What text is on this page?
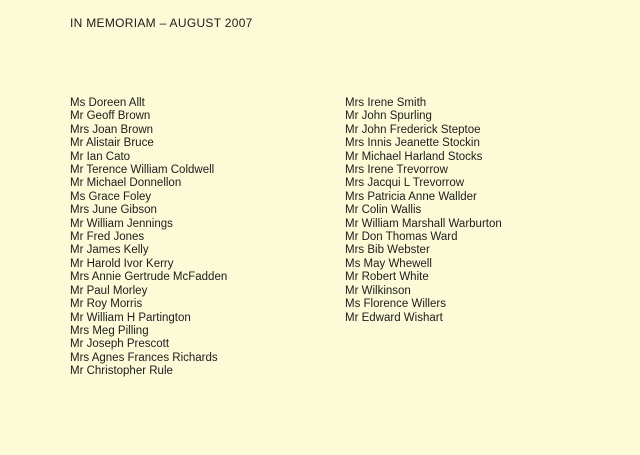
IN MEMORIAM – AUGUST 2007
Ms Doreen Allt
Mr Geoff Brown
Mrs Joan Brown
Mr Alistair Bruce
Mr Ian Cato
Mr Terence William Coldwell
Mr Michael Donnellon
Ms Grace Foley
Mrs June Gibson
Mr William Jennings
Mr Fred Jones
Mr James Kelly
Mr Harold Ivor Kerry
Mrs Annie Gertrude McFadden
Mr Paul Morley
Mr Roy Morris
Mr William H Partington
Mrs Meg Pilling
Mr Joseph Prescott
Mrs Agnes Frances Richards
Mr Christopher Rule
Mrs Irene Smith
Mr John Spurling
Mr John Frederick Steptoe
Mrs Innis Jeanette Stockin
Mr Michael Harland Stocks
Mrs Irene Trevorrow
Mrs Jacqui L Trevorrow
Mrs Patricia Anne Wallder
Mr Colin Wallis
Mr William Marshall Warburton
Mr Don Thomas Ward
Mrs Bib Webster
Ms May Whewell
Mr Robert White
Mr Wilkinson
Ms Florence Willers
Mr Edward Wishart
